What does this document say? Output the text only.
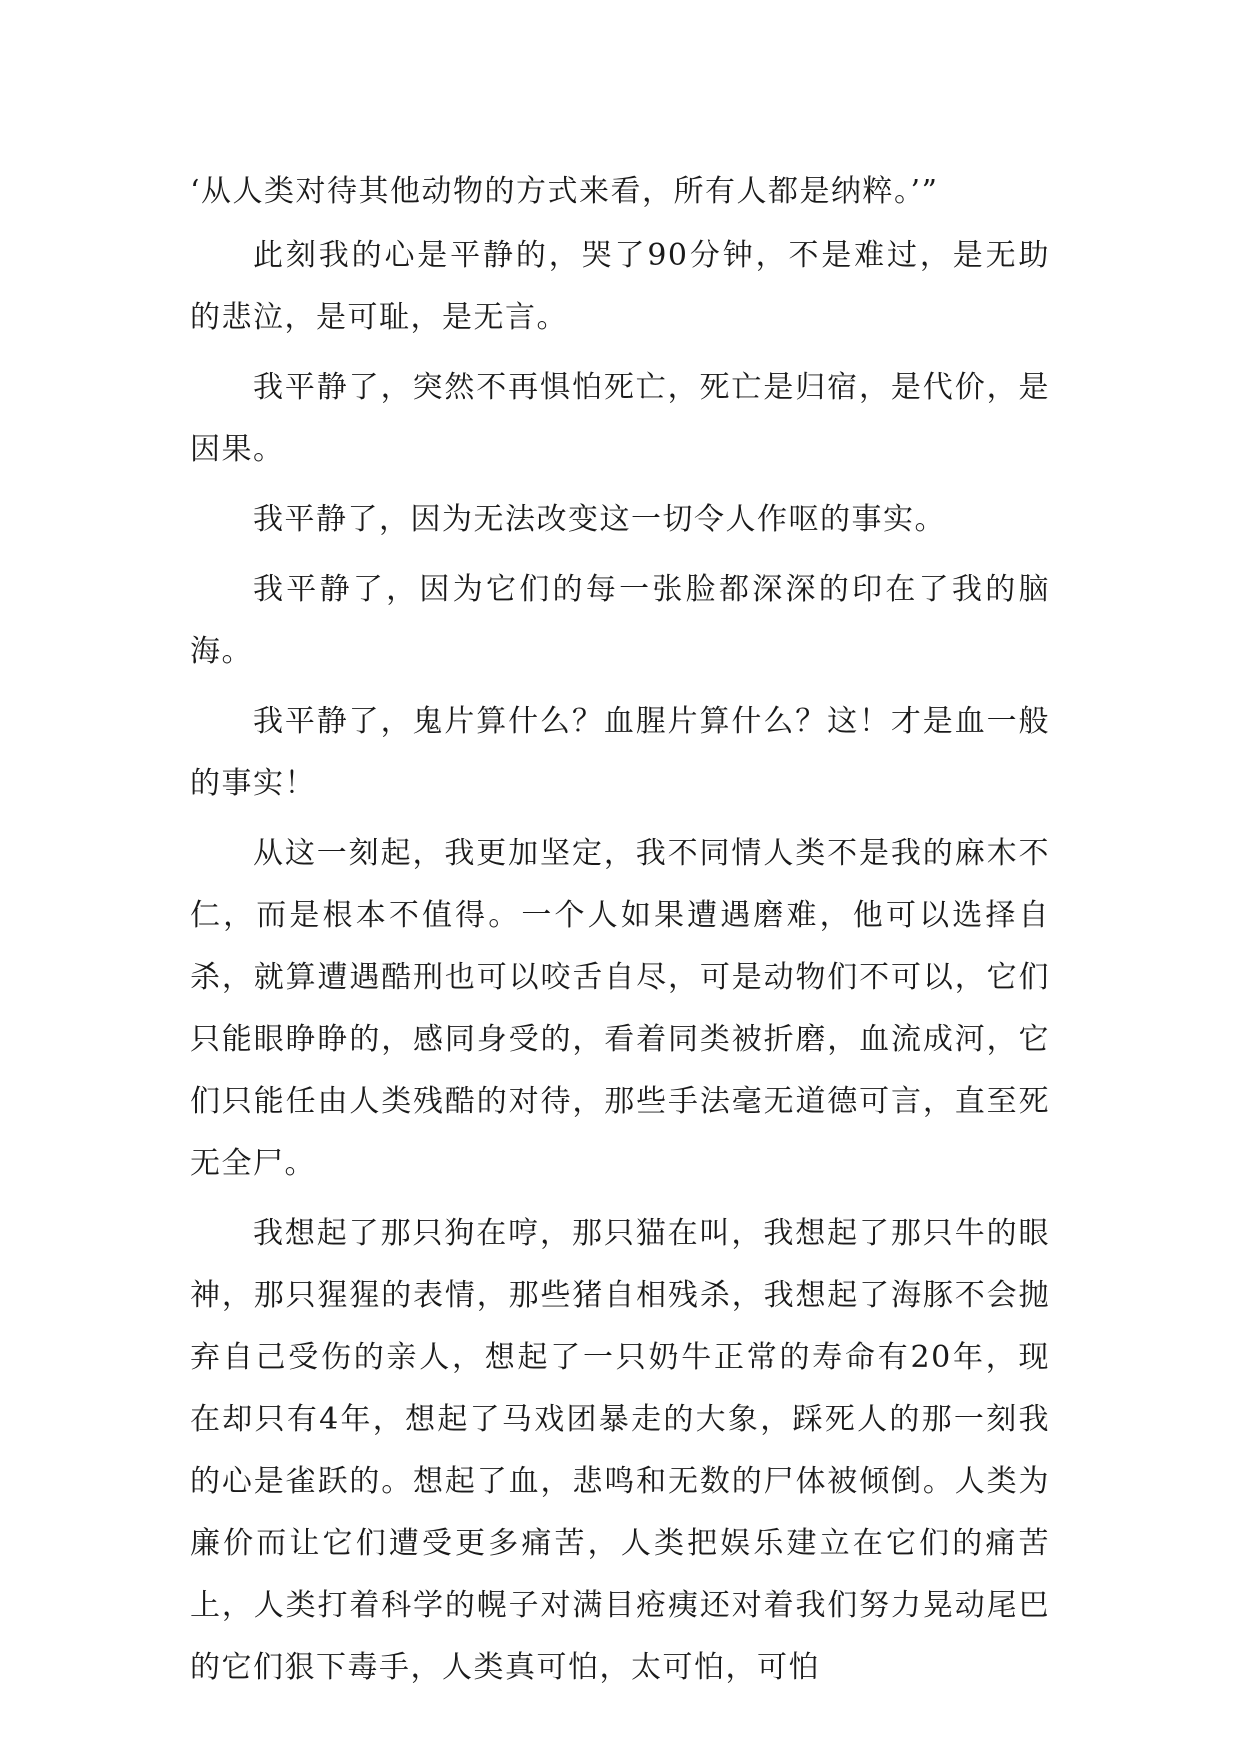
‘从人类对待其他动物的方式来看，所有人都是纳粹。’”

此刻我的心是平静的，哭了90分钟，不是难过，是无助的悲泣，是可耻，是无言。

我平静了，突然不再惧怕死亡，死亡是归宿，是代价，是因果。

我平静了，因为无法改变这一切令人作呕的事实。

我平静了，因为它们的每一张脸都深深的印在了我的脑海。

我平静了，鬼片算什么？血腥片算什么？这！才是血一般的事实！

从这一刻起，我更加坚定，我不同情人类不是我的麻木不仁，而是根本不值得。一个人如果遭遇磨难，他可以选择自杀，就算遭遇酷刑也可以咬舌自尽，可是动物们不可以，它们只能眼睁睁的，感同身受的，看着同类被折磨，血流成河，它们只能任由人类残酷的对待，那些手法毫无道德可言，直至死无全尸。

我想起了那只狗在哼，那只猫在叫，我想起了那只牛的眼神，那只猩猩的表情，那些猪自相残杀，我想起了海豚不会抛弃自己受伤的亲人，想起了一只奶牛正常的寿命有20年，现在却只有4年，想起了马戏团暴走的大象，踩死人的那一刻我的心是雀跃的。想起了血，悲鸣和无数的尸体被倾倒。人类为廉价而让它们遭受更多痛苦，人类把娱乐建立在它们的痛苦上，人类打着科学的幌子对满目疮痍还对着我们努力晃动尾巴的它们狠下毒手，人类真可怕，太可怕，可怕
